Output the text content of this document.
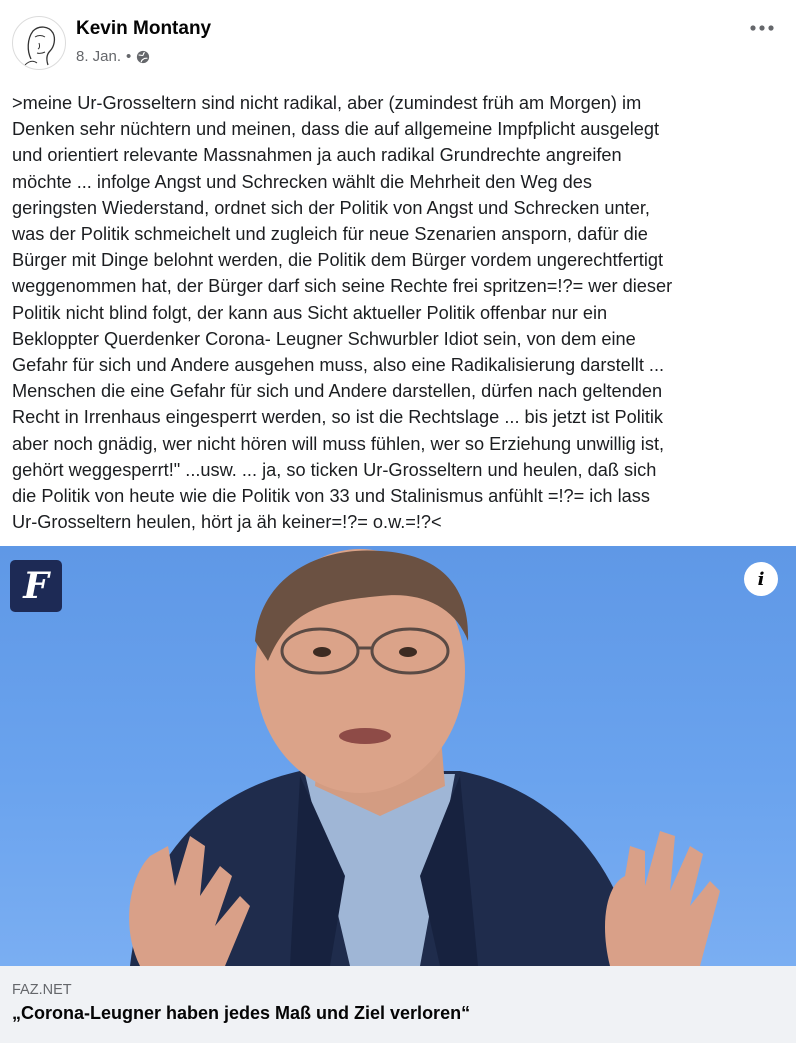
Kevin Montany
8. Jan. •
>meine Ur-Grosseltern sind nicht radikal, aber (zumindest früh am Morgen) im
Denken sehr nüchtern und meinen, dass die auf allgemeine Impfplicht ausgelegt
und orientiert relevante Massnahmen ja auch radikal Grundrechte angreifen
möchte ... infolge Angst und Schrecken wählt die Mehrheit den Weg des
geringsten Wiederstand, ordnet sich der Politik von Angst und Schrecken unter,
was der Politik schmeichelt und zugleich für neue Szenarien ansporn, dafür die
Bürger mit Dinge belohnt werden, die Politik dem Bürger vordem ungerechtfertigt
weggenommen hat, der Bürger darf sich seine Rechte frei spritzen=!?= wer dieser
Politik nicht blind folgt, der kann aus Sicht aktueller Politik offenbar nur ein
Bekloppter Querdenker Corona- Leugner Schwurbler Idiot sein, von dem eine
Gefahr für sich und Andere ausgehen muss, also eine Radikalisierung darstellt ...
Menschen die eine Gefahr für sich und Andere darstellen, dürfen nach geltenden
Recht in Irrenhaus eingesperrt werden, so ist die Rechtslage ... bis jetzt ist Politik
aber noch gnädig, wer nicht hören will muss fühlen, wer so Erziehung unwillig ist,
gehört weggesperrt!" ...usw. ... ja, so ticken Ur-Grosseltern und heulen, daß sich
die Politik von heute wie die Politik von 33 und Stalinismus anfühlt =!?= ich lass
Ur-Grosseltern heulen, hört ja äh keiner=!?= o.w.=!?<
F	i
FAZ.NET
„Corona-Leugner haben jedes Maß und Ziel verloren“
